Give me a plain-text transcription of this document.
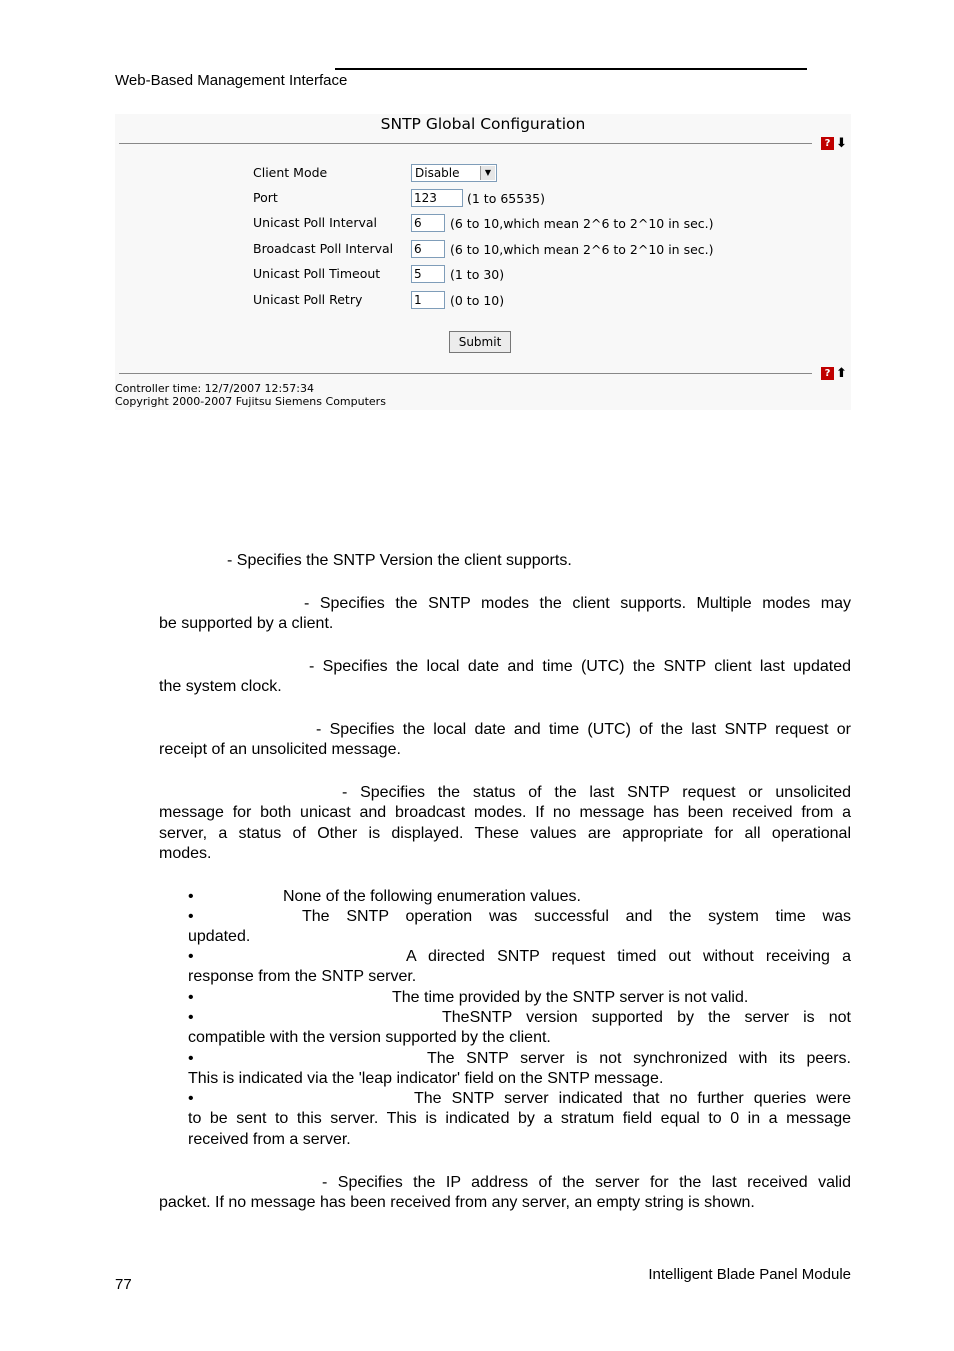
Web-Based Management Interface
SNTP Global Configuration
? ⬇
Client Mode	Disable	▼
Port	123	(1 to 65535)
Unicast Poll Interval	6	(6 to 10,which mean 2^6 to 2^10 in sec.)
Broadcast Poll Interval 6	(6 to 10,which mean 2^6 to 2^10 in sec.)
Unicast Poll Timeout	5	(1 to 30)
Unicast Poll Retry	1	(0 to 10)
Submit
? ⬆
Controller time: 12/7/2007 12:57:34
Copyright 2000-2007 Fujitsu Siemens Computers
- Specifies the SNTP Version the client supports.
- Specifies the SNTP modes the client supports. Multiple modes may
be supported by a client.
- Specifies the local date and time (UTC) the SNTP client last updated
the system clock.
- Specifies the local date and time (UTC) of the last SNTP request or
receipt of an unsolicited message.
- Specifies the status of the last SNTP request or unsolicited
message for both unicast and broadcast modes. If no message has been received from a
server, a status of Other is displayed. These values are appropriate for all operational
modes.
•	None of the following enumeration values.
•	The SNTP operation was successful and the system time was
updated.
•	A directed SNTP request timed out without receiving a
response from the SNTP server.
•	The time provided by the SNTP server is not valid.
•	TheSNTP version supported by the server is not
compatible with the version supported by the client.
•	The SNTP server is not synchronized with its peers.
This is indicated via the 'leap indicator' field on the SNTP message.
•	The SNTP server indicated that no further queries were
to be sent to this server. This is indicated by a stratum field equal to 0 in a message
received from a server.
- Specifies the IP address of the server for the last received valid
packet. If no message has been received from any server, an empty string is shown.
77
Intelligent Blade Panel Module
